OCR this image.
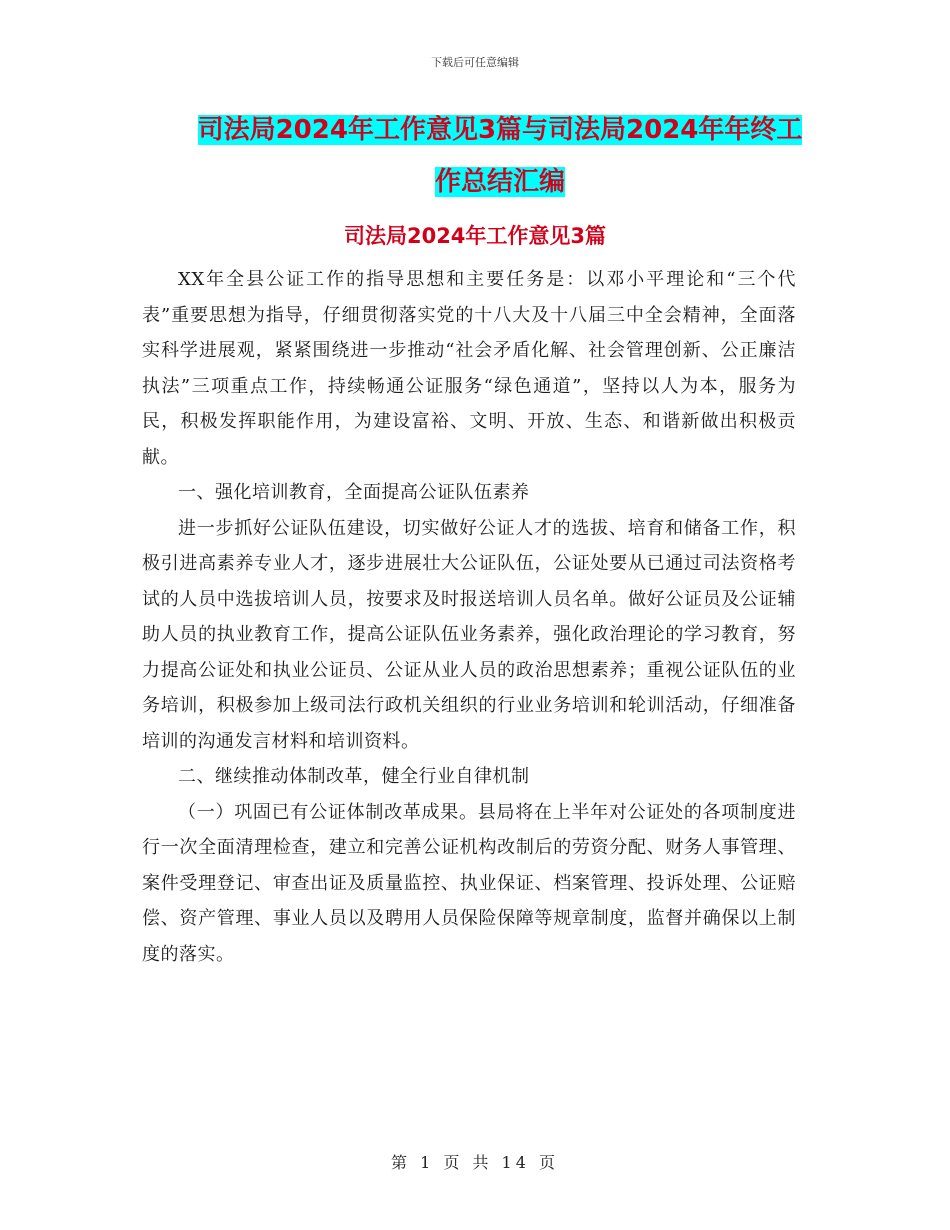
下载后可任意编辑
司法局2024年工作意见3篇与司法局2024年年终工作总结汇编
司法局2024年工作意见3篇

XX年全县公证工作的指导思想和主要任务是：以邓小平理论和“三个代表”重要思想为指导，仔细贯彻落实党的十八大及十八届三中全会精神，全面落实科学进展观，紧紧围绕进一步推动“社会矛盾化解、社会管理创新、公正廉洁执法”三项重点工作，持续畅通公证服务“绿色通道”，坚持以人为本，服务为民，积极发挥职能作用，为建设富裕、文明、开放、生态、和谐新做出积极贡献。

一、强化培训教育，全面提高公证队伍素养

进一步抓好公证队伍建设，切实做好公证人才的选拔、培育和储备工作，积极引进高素养专业人才，逐步进展壮大公证队伍，公证处要从已通过司法资格考试的人员中选拔培训人员，按要求及时报送培训人员名单。做好公证员及公证辅助人员的执业教育工作，提高公证队伍业务素养，强化政治理论的学习教育，努力提高公证处和执业公证员、公证从业人员的政治思想素养；重视公证队伍的业务培训，积极参加上级司法行政机关组织的行业业务培训和轮训活动，仔细准备培训的沟通发言材料和培训资料。

二、继续推动体制改革，健全行业自律机制

（一）巩固已有公证体制改革成果。县局将在上半年对公证处的各项制度进行一次全面清理检查，建立和完善公证机构改制后的劳资分配、财务人事管理、案件受理登记、审查出证及质量监控、执业保证、档案管理、投诉处理、公证赔偿、资产管理、事业人员以及聘用人员保险保障等规章制度，监督并确保以上制度的落实。

第 1 页 共 14 页
